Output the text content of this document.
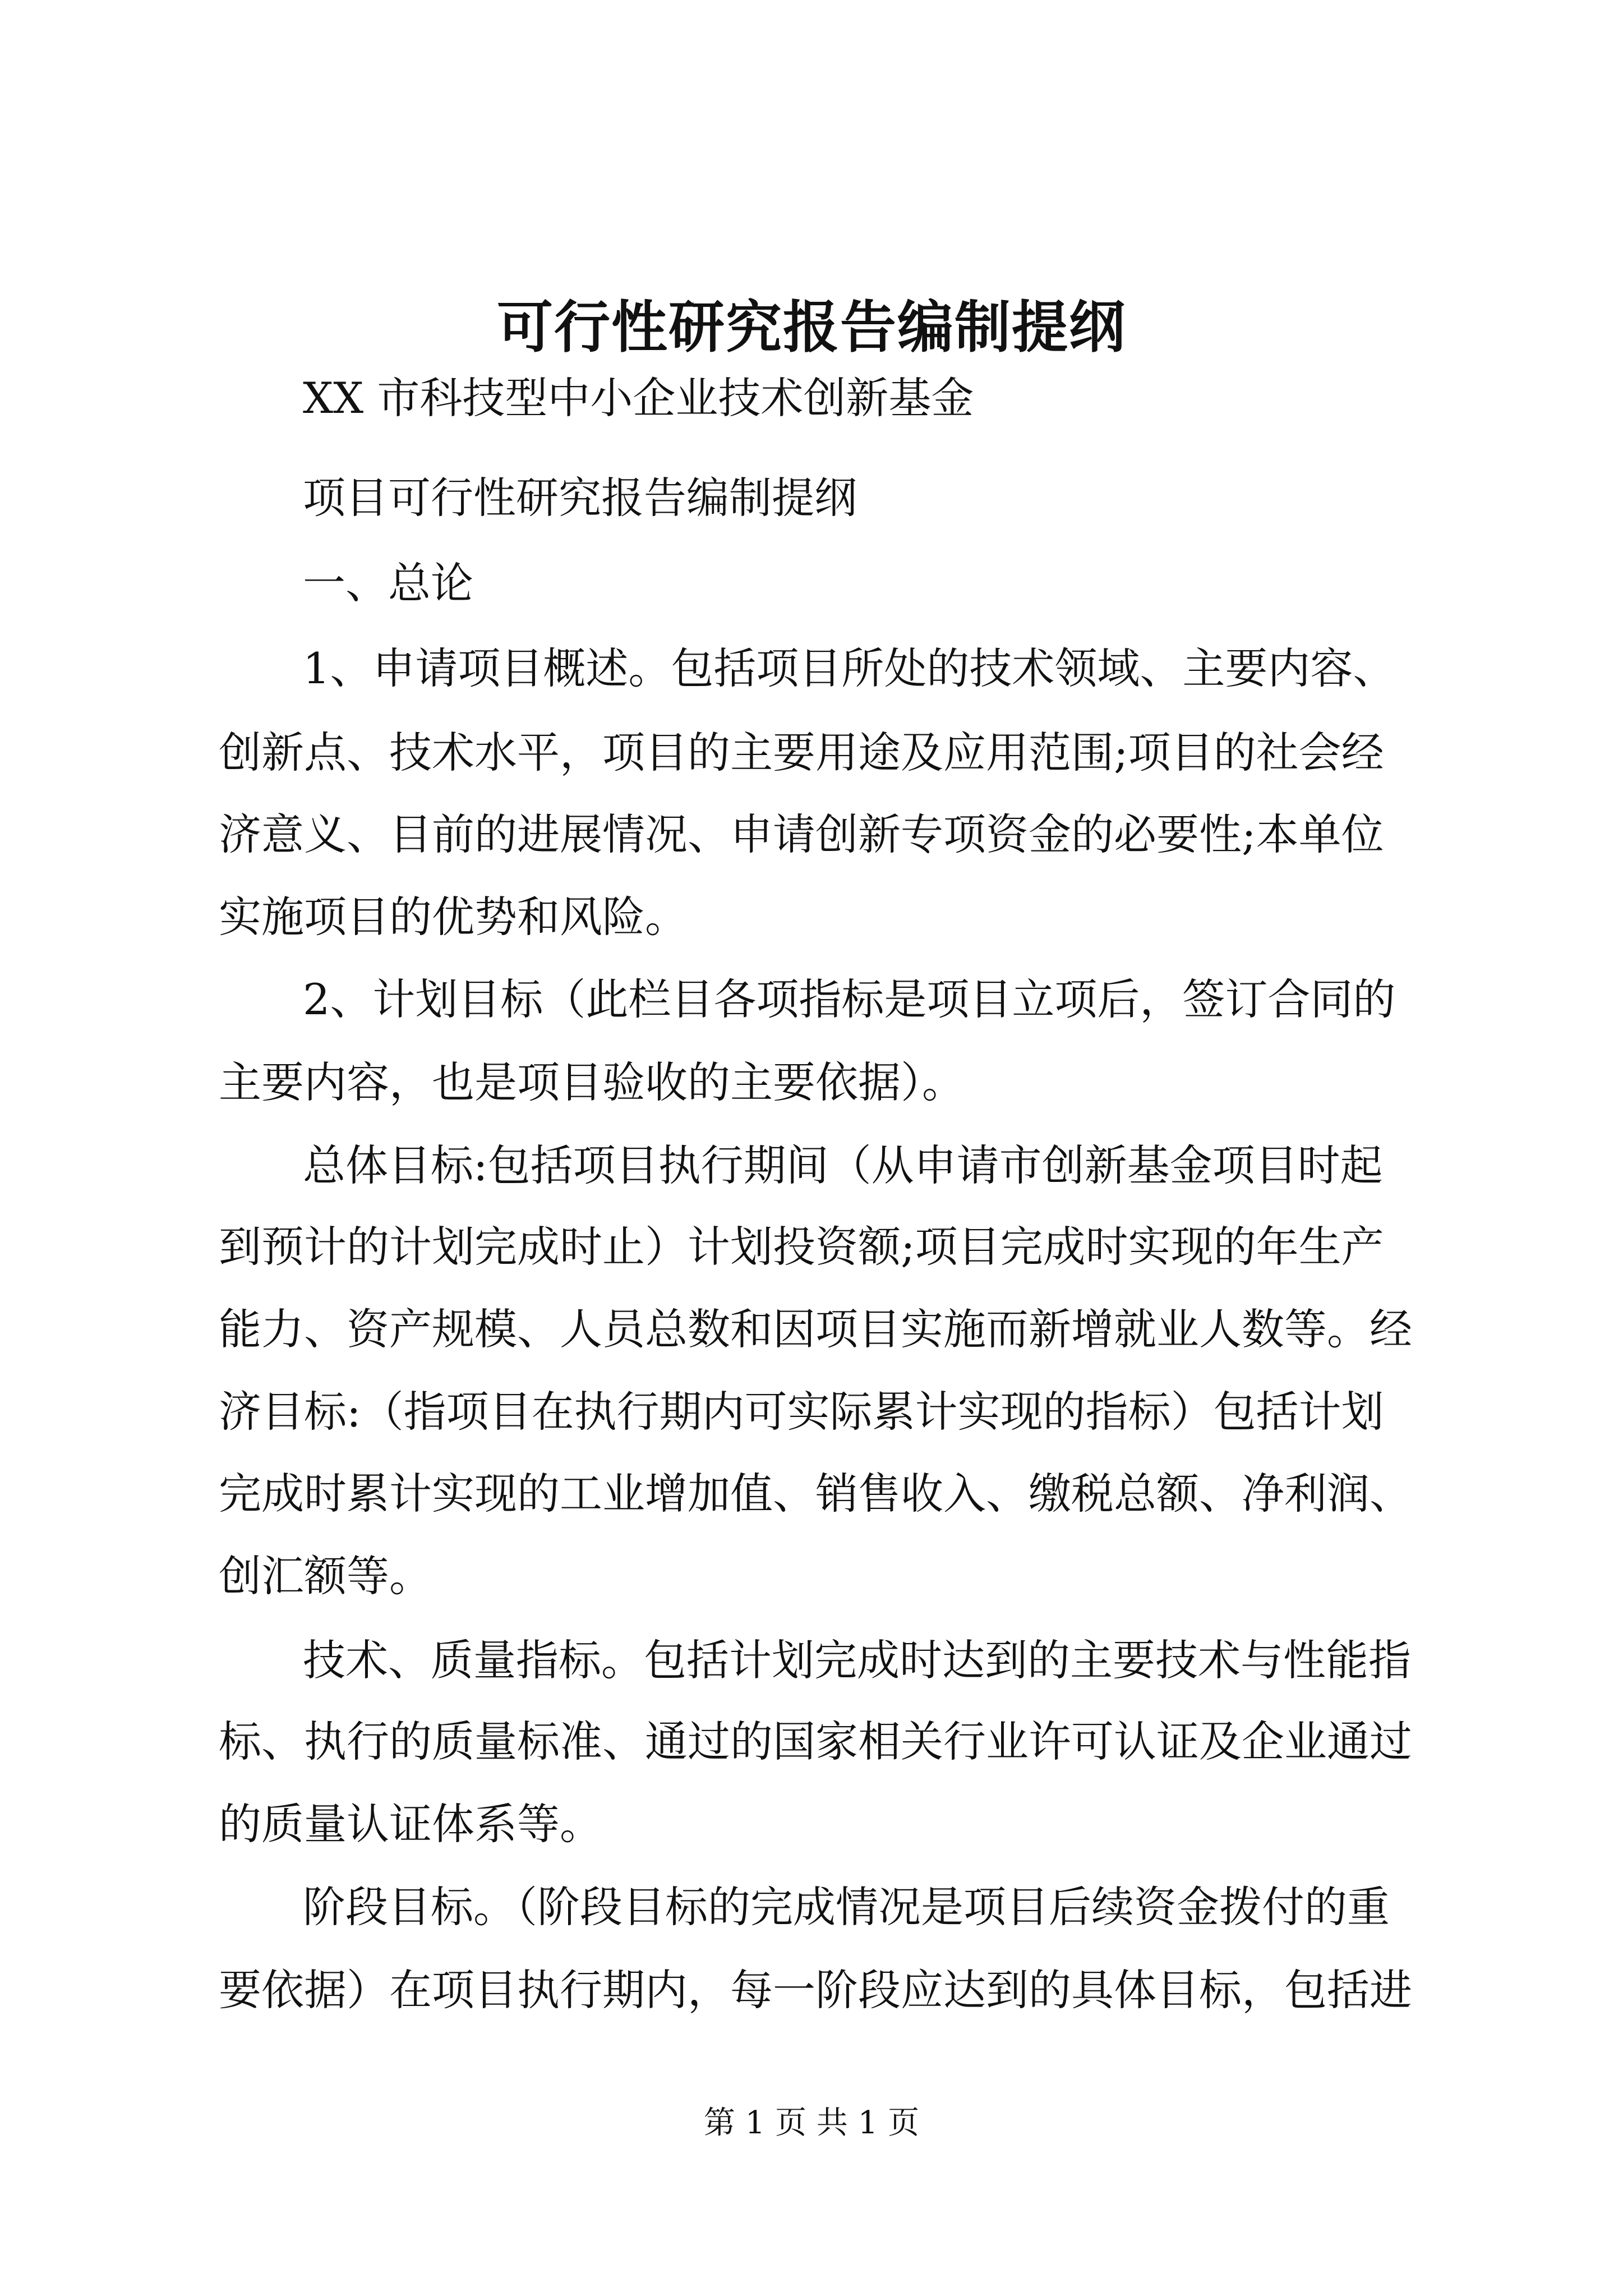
可行性研究报告编制提纲

XX 市科技型中小企业技术创新基金

项目可行性研究报告编制提纲

一、总论

1、申请项目概述。包括项目所处的技术领域、主要内容、

创新点、技术水平，项目的主要用途及应用范围;项目的社会经

济意义、目前的进展情况、申请创新专项资金的必要性;本单位

实施项目的优势和风险。

2、计划目标（此栏目各项指标是项目立项后，签订合同的

主要内容，也是项目验收的主要依据）。

总体目标:包括项目执行期间（从申请市创新基金项目时起

到预计的计划完成时止）计划投资额;项目完成时实现的年生产

能力、资产规模、人员总数和因项目实施而新增就业人数等。经

济目标:（指项目在执行期内可实际累计实现的指标）包括计划

完成时累计实现的工业增加值、销售收入、缴税总额、净利润、

创汇额等。

技术、质量指标。包括计划完成时达到的主要技术与性能指

标、执行的质量标准、通过的国家相关行业许可认证及企业通过

的质量认证体系等。

阶段目标。（阶段目标的完成情况是项目后续资金拨付的重

要依据）在项目执行期内，每一阶段应达到的具体目标，包括进

第 1 页 共 1 页
